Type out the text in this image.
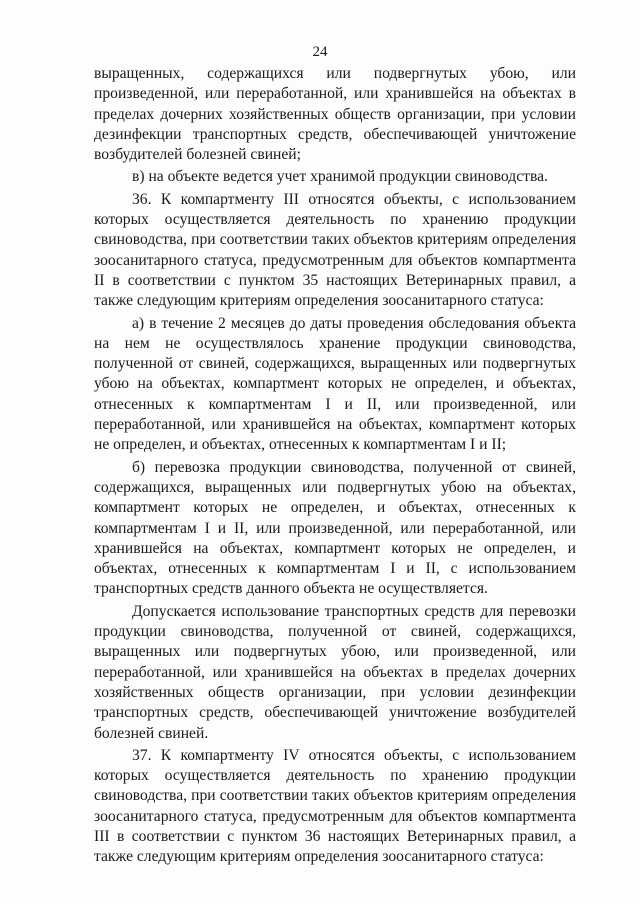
24

выращенных, содержащихся или подвергнутых убою, или произведенной, или переработанной, или хранившейся на объектах в пределах дочерних хозяйственных обществ организации, при условии дезинфекции транспортных средств, обеспечивающей уничтожение возбудителей болезней свиней;

в) на объекте ведется учет хранимой продукции свиноводства.

36. К компартменту III относятся объекты, с использованием которых осуществляется деятельность по хранению продукции свиноводства, при соответствии таких объектов критериям определения зоосанитарного статуса, предусмотренным для объектов компартмента II в соответствии с пунктом 35 настоящих Ветеринарных правил, а также следующим критериям определения зоосанитарного статуса:

а) в течение 2 месяцев до даты проведения обследования объекта на нем не осуществлялось хранение продукции свиноводства, полученной от свиней, содержащихся, выращенных или подвергнутых убою на объектах, компартмент которых не определен, и объектах, отнесенных к компартментам I и II, или произведенной, или переработанной, или хранившейся на объектах, компартмент которых не определен, и объектах, отнесенных к компартментам I и II;

б) перевозка продукции свиноводства, полученной от свиней, содержащихся, выращенных или подвергнутых убою на объектах, компартмент которых не определен, и объектах, отнесенных к компартментам I и II, или произведенной, или переработанной, или хранившейся на объектах, компартмент которых не определен, и объектах, отнесенных к компартментам I и II, с использованием транспортных средств данного объекта не осуществляется.

Допускается использование транспортных средств для перевозки продукции свиноводства, полученной от свиней, содержащихся, выращенных или подвергнутых убою, или произведенной, или переработанной, или хранившейся на объектах в пределах дочерних хозяйственных обществ организации, при условии дезинфекции транспортных средств, обеспечивающей уничтожение возбудителей болезней свиней.

37. К компартменту IV относятся объекты, с использованием которых осуществляется деятельность по хранению продукции свиноводства, при соответствии таких объектов критериям определения зоосанитарного статуса, предусмотренным для объектов компартмента III в соответствии с пунктом 36 настоящих Ветеринарных правил, а также следующим критериям определения зоосанитарного статуса:
